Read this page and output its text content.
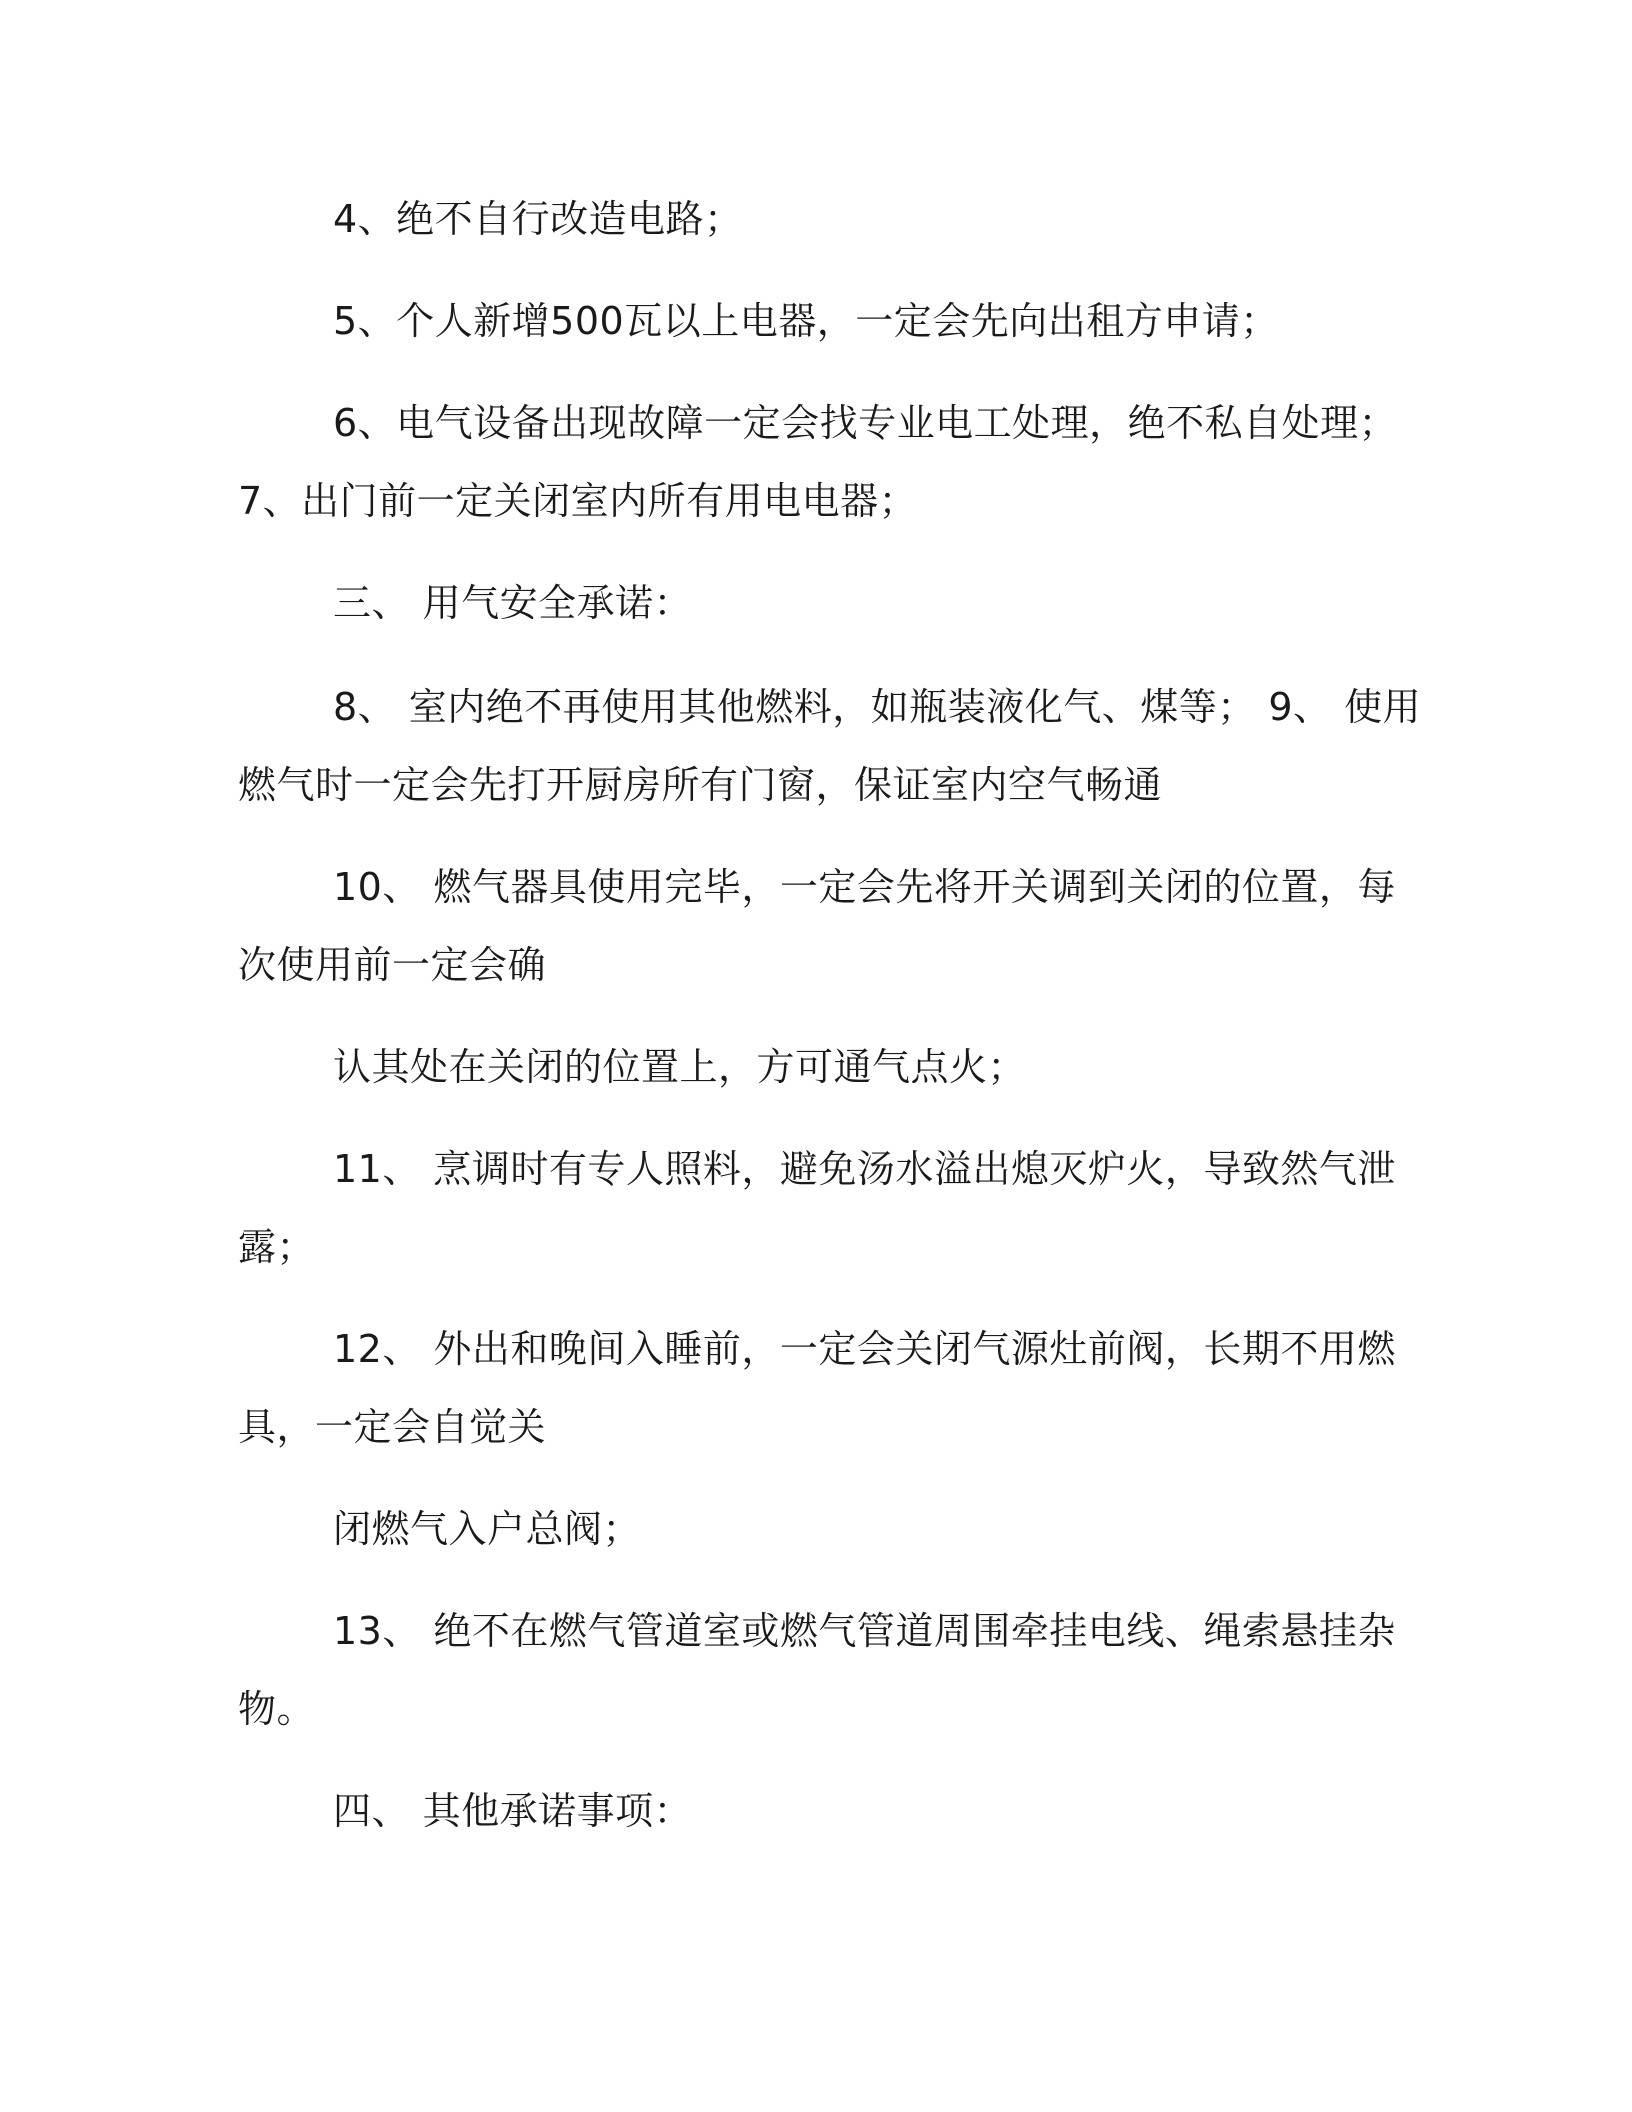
4、绝不自行改造电路；
5、个人新增500瓦以上电器，一定会先向出租方申请；
6、电气设备出现故障一定会找专业电工处理，绝不私自处理；
7、出门前一定关闭室内所有用电电器；
三、 用气安全承诺：
8、 室内绝不再使用其他燃料，如瓶装液化气、煤等； 9、 使用
燃气时一定会先打开厨房所有门窗，保证室内空气畅通
10、 燃气器具使用完毕，一定会先将开关调到关闭的位置，每
次使用前一定会确
认其处在关闭的位置上，方可通气点火；
11、 烹调时有专人照料，避免汤水溢出熄灭炉火，导致然气泄
露；
12、 外出和晚间入睡前，一定会关闭气源灶前阀，长期不用燃
具，一定会自觉关
闭燃气入户总阀；
13、 绝不在燃气管道室或燃气管道周围牵挂电线、绳索悬挂杂
物。
四、 其他承诺事项：
